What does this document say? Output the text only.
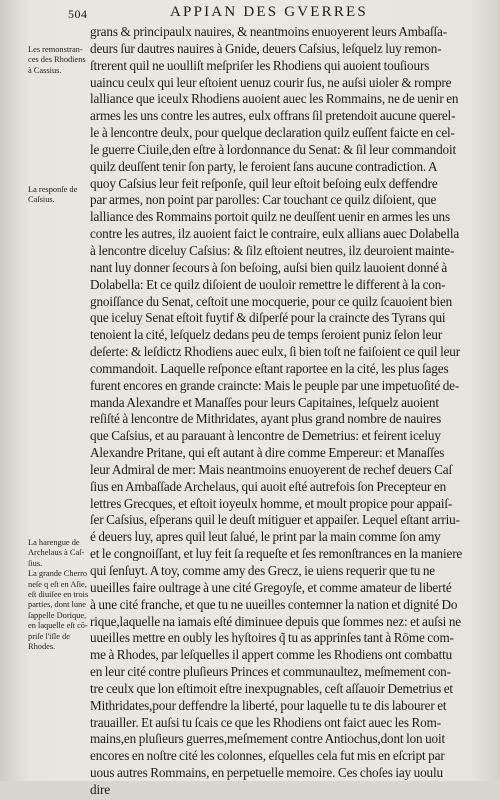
504	APPIAN DES GVERRES
Les remonstran-
ces des Rhodiens
à Cassius.
La responſe de
Caſsius.
La harengue de
Archelaus à Caſ-
ſius.
La grande Cherro
neſe q eſt en Aſie,
eſt diuiſee en trois
parties, dont lune
ſappelle Dorique,
en laquelle eſt cō-
priſe l'iſle de
Rhodes.
grans & principaulx nauires, & neantmoins enuoyerent leurs Ambaſſa-
deurs ſur dautres nauires à Gnide, deuers Caſsius, leſquelz luy remon-
ſtrerent quil ne uoulliſt meſpriſer les Rhodiens qui auoient touſiours
uaincu ceulx qui leur eſtoient uenuz courir ſus, ne auſsi uioler & rompre
lalliance que iceulx Rhodiens auoient auec les Rommains, ne de uenir en
armes les uns contre les autres, eulx offrans ſil pretendoit aucune querel-
le à lencontre deulx, pour quelque declaration quilz euſſent faicte en cel-
le guerre Ciuile,den eſtre à lordonnance du Senat: & ſil leur commandoit
quilz deuſſent tenir ſon party, le feroient ſans aucune contradiction. A
quoy Caſsius leur feit reſponſe, quil leur eſtoit beſoing eulx deffendre
par armes, non point par parolles: Car touchant ce quilz diſoient, que
lalliance des Rommains portoit quilz ne deuſſent uenir en armes les uns
contre les autres, ilz auoient faict le contraire, eulx allians auec Dolabella
à lencontre diceluy Caſsius: & ſilz eſtoient neutres, ilz deuroient mainte-
nant luy donner ſecours à ſon beſoing, auſsi bien quilz lauoient donné à
Dolabella: Et ce quilz diſoient de uouloir remettre le different à la con-
gnoiſſance du Senat, ceſtoit une mocquerie, pour ce quilz ſcauoient bien
que iceluy Senat eſtoit fuytif & diſperſé pour la craincte des Tyrans qui
tenoient la cité, leſquelz dedans peu de temps ſeroient puniz ſelon leur
deſerte: & leſdictz Rhodiens auec eulx, ſi bien toſt ne faiſoient ce quil leur
commandoit. Laquelle reſponce eſtant raportee en la cité, les plus ſages
furent encores en grande craincte: Mais le peuple par une impetuoſité de-
manda Alexandre et Manaſſes pour leurs Capitaines, leſquelz auoient
reſiſté à lencontre de Mithridates, ayant plus grand nombre de nauires
que Caſsius, et au parauant à lencontre de Demetrius: et feirent iceluy
Alexandre Pritane, qui eſt autant à dire comme Empereur: et Manaſſes
leur Admiral de mer: Mais neantmoins enuoyerent de rechef deuers Caſ
ſius en Ambaſſade Archelaus, qui auoit eſté autrefois ſon Precepteur en
lettres Grecques, et eſtoit ioyeulx homme, et moult propice pour appaiſ-
ſer Caſsius, eſperans quil le deuſt mitiguer et appaiſer. Lequel eſtant arriu-
é deuers luy, apres quil leut ſalué, le print par la main comme ſon amy
et le congnoiſſant, et luy feit ſa requeſte et ſes remonſtrances en la maniere
qui ſenſuyt. A toy, comme amy des Grecz, ie uiens requerir que tu ne
uueilles faire oultrage à une cité Gregoyſe, et comme amateur de liberté
à une cité franche, et que tu ne uueilles contemner la nation et dignité Do
rique,laquelle na iamais eſté diminuee depuis que ſommes nez: et auſsi ne
uueilles mettre en oubly les hyſtoires q̃ tu as apprinſes tant à Rōme com-
me à Rhodes, par leſquelles il appert comme les Rhodiens ont combattu
en leur cité contre pluſieurs Princes et communaultez, meſmement con-
tre ceulx que lon eſtimoit eſtre inexpugnables, ceſt aſſauoir Demetrius et
Mithridates,pour deffendre la liberté, pour laquelle tu te dis labourer et
trauailler. Et auſsi tu ſcais ce que les Rhodiens ont faict auec les Rom-
mains,en pluſieurs guerres,meſmement contre Antiochus,dont lon uoit
encores en noſtre cité les colonnes, eſquelles cela fut mis en eſcript par
uous autres Rommains, en perpetuelle memoire. Ces choſes iay uoulu
dire
